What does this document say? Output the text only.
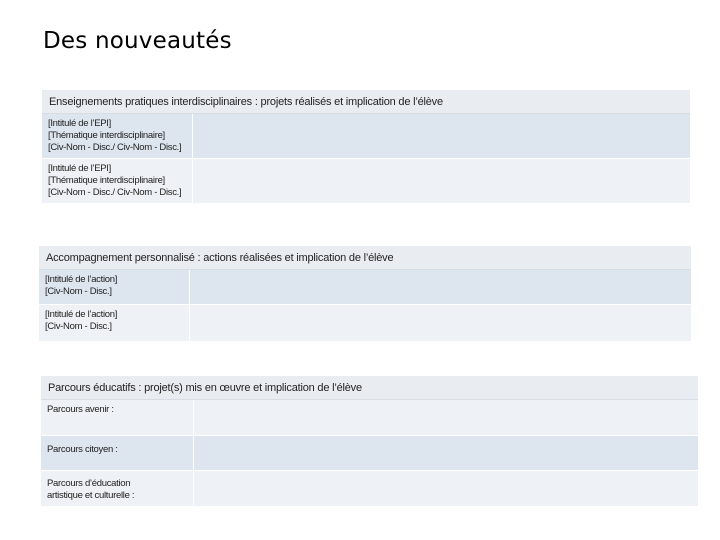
Des nouveautés
Enseignements pratiques interdisciplinaires : projets réalisés et implication de l’élève
[Intitulé de l’EPI]
[Thématique interdisciplinaire]
[Civ-Nom - Disc./ Civ-Nom - Disc.]
[Intitulé de l’EPI]
[Thématique interdisciplinaire]
[Civ-Nom - Disc./ Civ-Nom - Disc.]
Accompagnement personnalisé : actions réalisées et implication de l’élève
[Intitulé de l’action]
[Civ-Nom - Disc.]
[Intitulé de l’action]
[Civ-Nom - Disc.]
Parcours éducatifs : projet(s) mis en œuvre et implication de l’élève
Parcours avenir :
Parcours citoyen :
Parcours d’éducation
artistique et culturelle :
